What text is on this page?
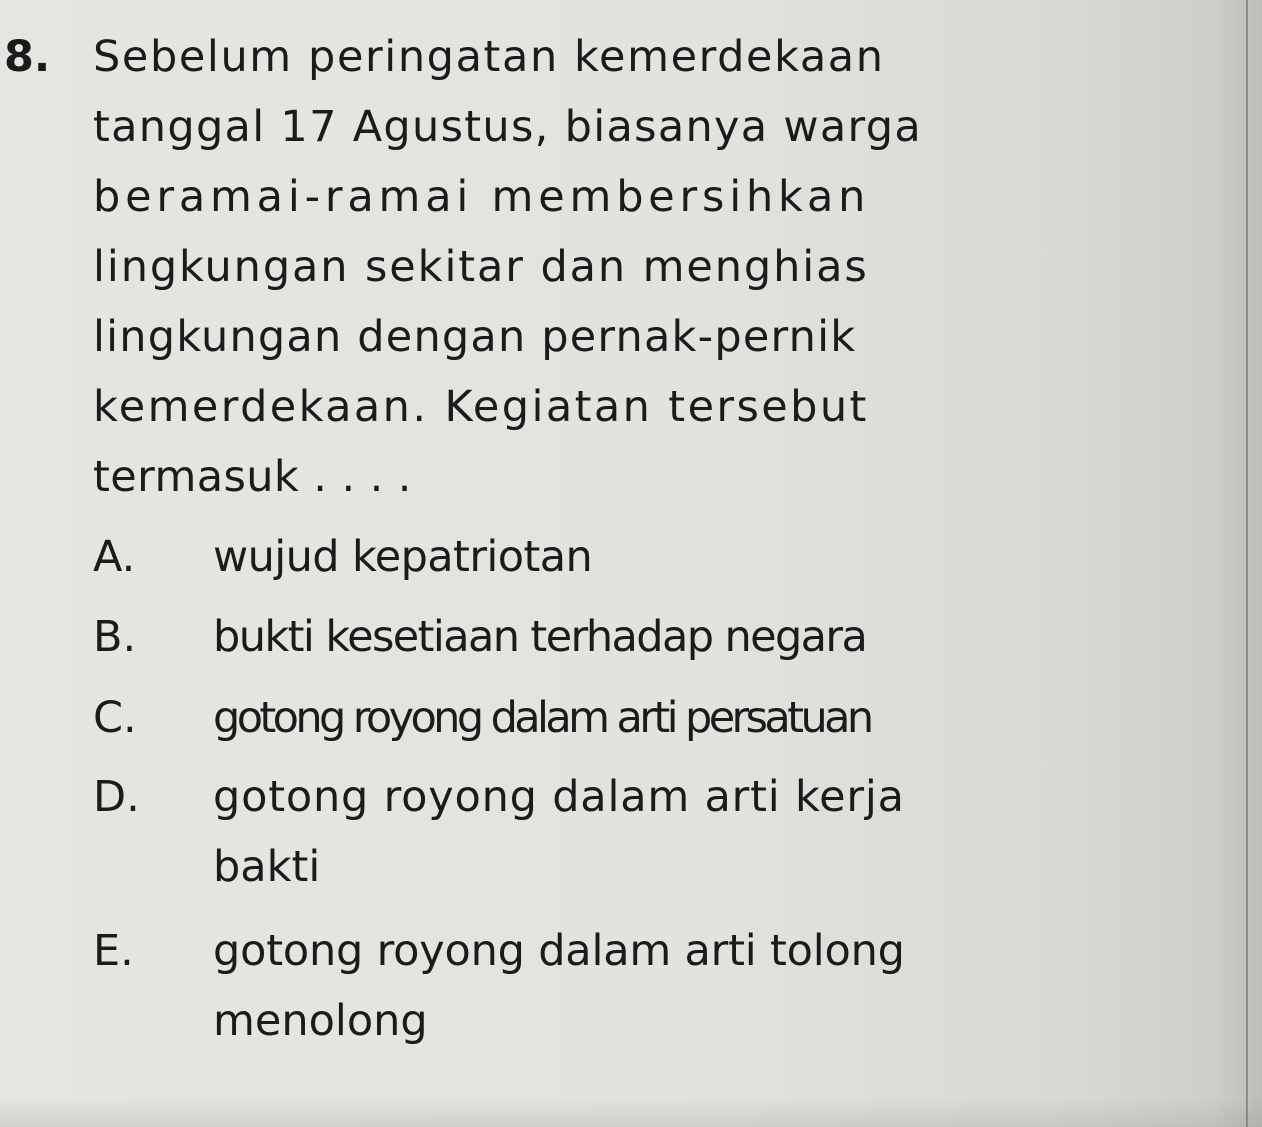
8. Sebelum peringatan kemerdekaan
tanggal 17 Agustus, biasanya warga
beramai-ramai membersihkan
lingkungan sekitar dan menghias
lingkungan dengan pernak-pernik
kemerdekaan. Kegiatan tersebut
termasuk . . . .
A. wujud kepatriotan
B. bukti kesetiaan terhadap negara
C. gotong royong dalam arti persatuan
D. gotong royong dalam arti kerja
bakti
E. gotong royong dalam arti tolong
menolong
